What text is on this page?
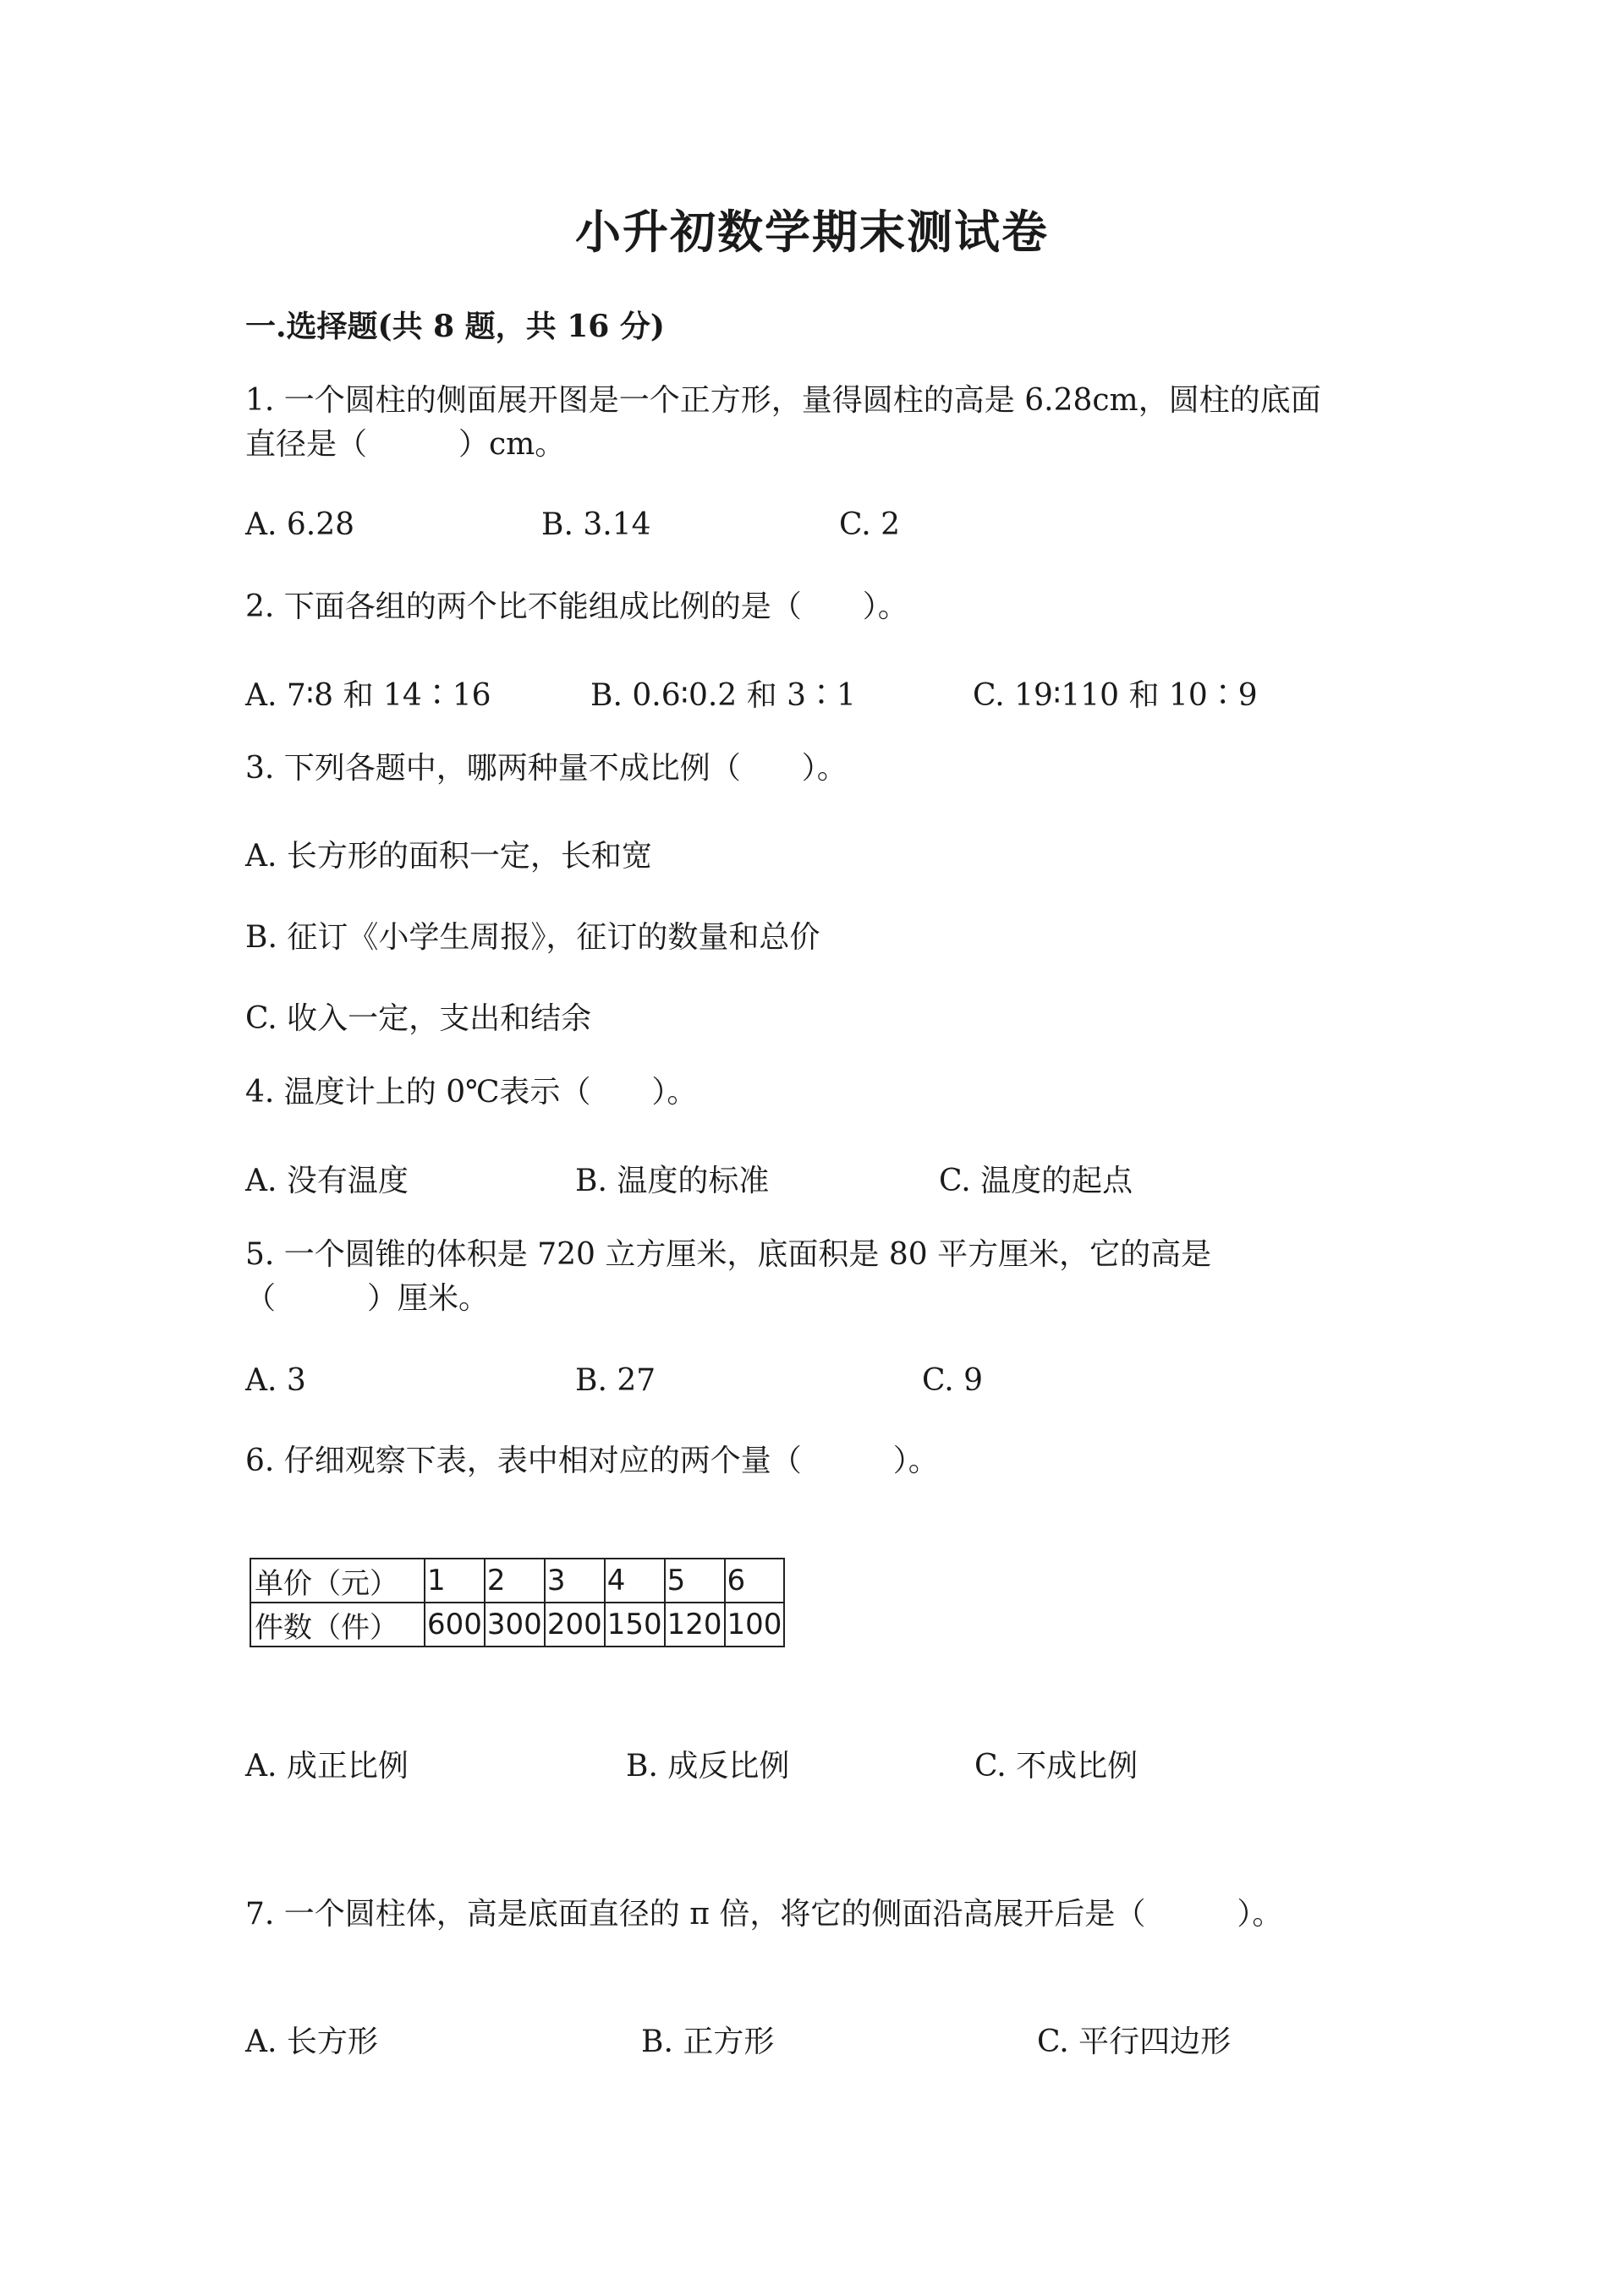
小升初数学期末测试卷
一.选择题(共 8 题，共 16 分)
1. 一个圆柱的侧面展开图是一个正方形，量得圆柱的高是 6.28cm，圆柱的底面
直径是（　　　）cm。
A. 6.28	B. 3.14	C. 2
2. 下面各组的两个比不能组成比例的是（　　）。
A. 7∶8 和 14∶16	B. 0.6∶0.2 和 3∶1	C. 19∶110 和 10∶9
3. 下列各题中，哪两种量不成比例（　　）。
A. 长方形的面积一定，长和宽
B. 征订《小学生周报》，征订的数量和总价
C. 收入一定，支出和结余
4. 温度计上的 0℃表示（　　）。
A. 没有温度	B. 温度的标准	C. 温度的起点
5. 一个圆锥的体积是 720 立方厘米，底面积是 80 平方厘米，它的高是
（　　　）厘米。
A. 3	B. 27	C. 9
6. 仔细观察下表，表中相对应的两个量（　　　）。
单价（元）	1	2	3	4	5	6
件数（件）	600	300	200	150	120	100
A. 成正比例	B. 成反比例	C. 不成比例
7. 一个圆柱体，高是底面直径的 π 倍，将它的侧面沿高展开后是（　　　）。
A. 长方形	B. 正方形	C. 平行四边形
